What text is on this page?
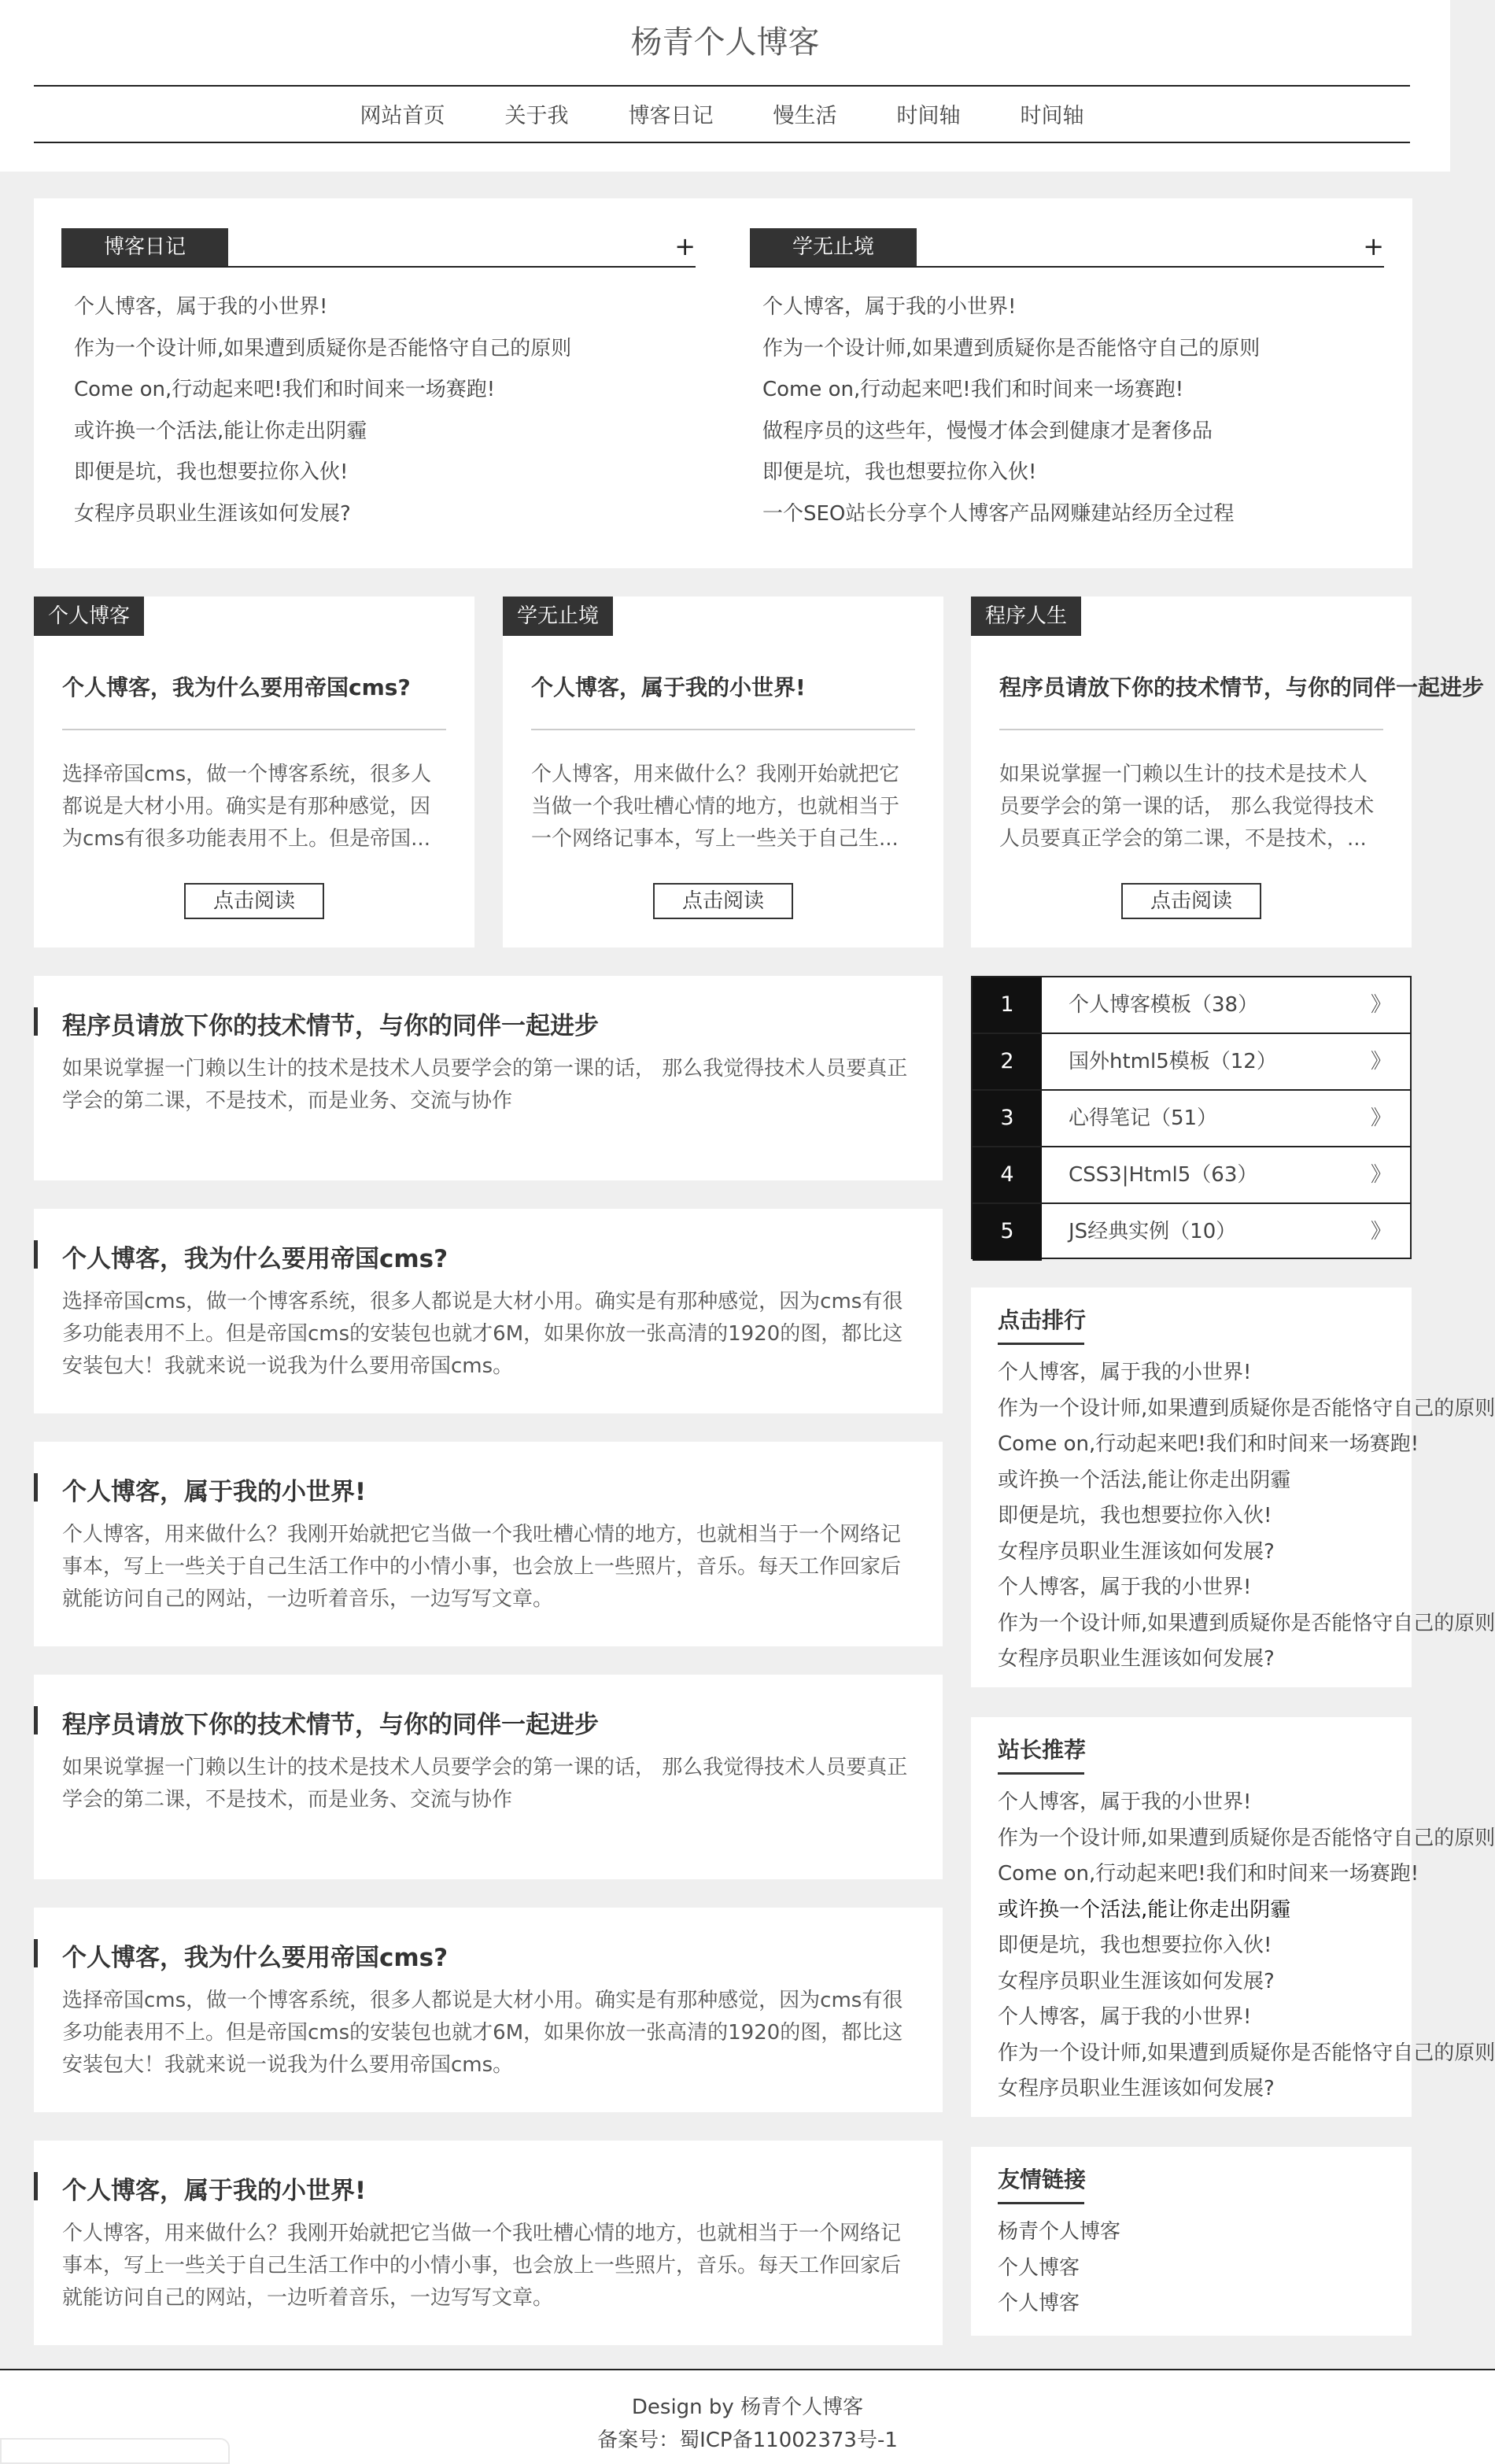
杨青个人博客
网站首页	关于我	博客日记	慢生活	时间轴	时间轴
博客日记	+
个人博客，属于我的小世界!
作为一个设计师,如果遭到质疑你是否能恪守自己的原则
Come on,行动起来吧!我们和时间来一场赛跑!
或许换一个活法,能让你走出阴霾
即便是坑，我也想要拉你入伙!
女程序员职业生涯该如何发展?
学无止境	+
个人博客，属于我的小世界!
作为一个设计师,如果遭到质疑你是否能恪守自己的原则
Come on,行动起来吧!我们和时间来一场赛跑!
做程序员的这些年，慢慢才体会到健康才是奢侈品
即便是坑，我也想要拉你入伙!
一个SEO站长分享个人博客产品网赚建站经历全过程
个人博客
个人博客，我为什么要用帝国cms?
选择帝国cms，做一个博客系统，很多人都说是大材小用。确实是有那种感觉，因为cms有很多功能表用不上。但是帝国...
点击阅读
学无止境
个人博客，属于我的小世界!
个人博客，用来做什么？我刚开始就把它当做一个我吐槽心情的地方，也就相当于一个网络记事本，写上一些关于自己生...
点击阅读
程序人生
程序员请放下你的技术情节，与你的同伴一起进步
如果说掌握一门赖以生计的技术是技术人员要学会的第一课的话， 那么我觉得技术人员要真正学会的第二课，不是技术，...
点击阅读
程序员请放下你的技术情节，与你的同伴一起进步
如果说掌握一门赖以生计的技术是技术人员要学会的第一课的话， 那么我觉得技术人员要真正学会的第二课，不是技术，而是业务、交流与协作
个人博客，我为什么要用帝国cms?
选择帝国cms，做一个博客系统，很多人都说是大材小用。确实是有那种感觉，因为cms有很多功能表用不上。但是帝国cms的安装包也就才6M，如果你放一张高清的1920的图，都比这安装包大！我就来说一说我为什么要用帝国cms。
个人博客，属于我的小世界!
个人博客，用来做什么？我刚开始就把它当做一个我吐槽心情的地方，也就相当于一个网络记事本，写上一些关于自己生活工作中的小情小事，也会放上一些照片，音乐。每天工作回家后就能访问自己的网站，一边听着音乐，一边写写文章。
程序员请放下你的技术情节，与你的同伴一起进步
如果说掌握一门赖以生计的技术是技术人员要学会的第一课的话， 那么我觉得技术人员要真正学会的第二课，不是技术，而是业务、交流与协作
个人博客，我为什么要用帝国cms?
选择帝国cms，做一个博客系统，很多人都说是大材小用。确实是有那种感觉，因为cms有很多功能表用不上。但是帝国cms的安装包也就才6M，如果你放一张高清的1920的图，都比这安装包大！我就来说一说我为什么要用帝国cms。
个人博客，属于我的小世界!
个人博客，用来做什么？我刚开始就把它当做一个我吐槽心情的地方，也就相当于一个网络记事本，写上一些关于自己生活工作中的小情小事，也会放上一些照片，音乐。每天工作回家后就能访问自己的网站，一边听着音乐，一边写写文章。
1	个人博客模板（38）	》
2	国外html5模板（12）	》
3	心得笔记（51）	》
4	CSS3|Html5（63）	》
5	JS经典实例（10）	》
点击排行
个人博客，属于我的小世界!
作为一个设计师,如果遭到质疑你是否能恪守自己的原则
Come on,行动起来吧!我们和时间来一场赛跑!
或许换一个活法,能让你走出阴霾
即便是坑，我也想要拉你入伙!
女程序员职业生涯该如何发展?
个人博客，属于我的小世界!
作为一个设计师,如果遭到质疑你是否能恪守自己的原则
女程序员职业生涯该如何发展?
站长推荐
个人博客，属于我的小世界!
作为一个设计师,如果遭到质疑你是否能恪守自己的原则
Come on,行动起来吧!我们和时间来一场赛跑!
或许换一个活法,能让你走出阴霾
即便是坑，我也想要拉你入伙!
女程序员职业生涯该如何发展?
个人博客，属于我的小世界!
作为一个设计师,如果遭到质疑你是否能恪守自己的原则
女程序员职业生涯该如何发展?
友情链接
杨青个人博客
个人博客
个人博客

Design by 杨青个人博客

备案号：蜀ICP备11002373号-1
